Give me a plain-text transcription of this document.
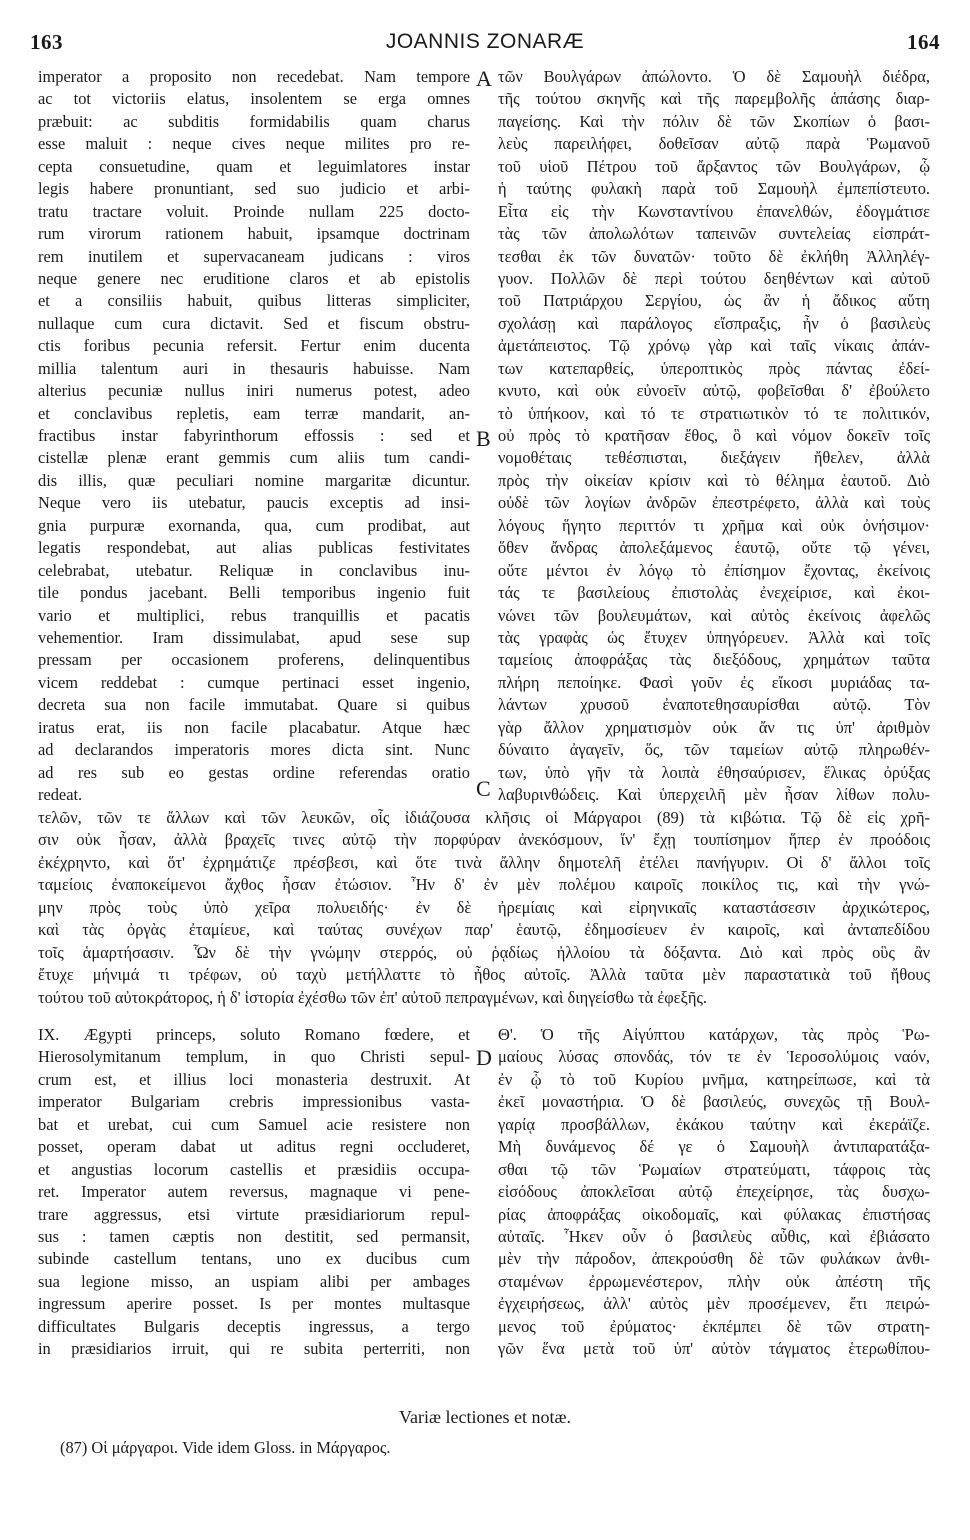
163	JOANNIS ZONARÆ	164
imperator a proposito non recedebat. Nam tempore
ac tot victoriis elatus, insolentem se erga omnes
præbuit: ac subditis formidabilis quam charus
esse maluit : neque cives neque milites pro re-
cepta consuetudine, quam et leguimlatores instar
legis habere pronuntiant, sed suo judicio et arbi-
tratu tractare voluit. Proinde nullam 225 docto-
rum virorum rationem habuit, ipsamque doctrinam
rem inutilem et supervacaneam judicans : viros
neque genere nec eruditione claros et ab epistolis
et a consiliis habuit, quibus litteras simpliciter,
nullaque cum cura dictavit. Sed et fiscum obstru-
ctis foribus pecunia refersit. Fertur enim ducenta
millia talentum auri in thesauris habuisse. Nam
alterius pecuniæ nullus iniri numerus potest, adeo
et conclavibus repletis, eam terræ mandarit, an-
fractibus instar fabyrinthorum effossis : sed et
cistellæ plenæ erant gemmis cum aliis tum candi-
dis illis, quæ peculiari nomine margaritæ dicuntur.
Neque vero iis utebatur, paucis exceptis ad insi-
gnia purpuræ exornanda, qua, cum prodibat, aut
legatis respondebat, aut alias publicas festivitates
celebrabat, utebatur. Reliquæ in conclavibus inu-
tile pondus jacebant. Belli temporibus ingenio fuit
vario et multiplici, rebus tranquillis et pacatis
vehementior. Iram dissimulabat, apud sese sup
pressam per occasionem proferens, delinquentibus
vicem reddebat : cumque pertinaci esset ingenio,
decreta sua non facile immutabat. Quare si quibus
iratus erat, iis non facile placabatur. Atque hæc
ad declarandos imperatoris mores dicta sint. Nunc
ad res sub eo gestas ordine referendas oratio
redeat.
τῶν Βουλγάρων ἀπώλοντο. Ὁ δὲ Σαμουὴλ διέδρα,
τῆς τούτου σκηνῆς καὶ τῆς παρεμβολῆς ἁπάσης διαρ-
παγείσης. Καὶ τὴν πόλιν δὲ τῶν Σκοπίων ὁ βασι-
λεὺς παρειλήφει, δοθεῖσαν αὐτῷ παρὰ Ῥωμανοῦ
τοῦ υἱοῦ Πέτρου τοῦ ἄρξαντος τῶν Βουλγάρων, ᾧ
ἡ ταύτης φυλακὴ παρὰ τοῦ Σαμουὴλ ἐμπεπίστευτο.
Εἶτα εἰς τὴν Κωνσταντίνου ἐπανελθών, ἐδογμάτισε
τὰς τῶν ἀπολωλότων ταπεινῶν συντελείας εἰσπράτ-
τεσθαι ἐκ τῶν δυνατῶν· τοῦτο δὲ ἐκλήθη Ἀλληλέγ-
γυον. Πολλῶν δὲ περὶ τούτου δεηθέντων καὶ αὐτοῦ
τοῦ Πατριάρχου Σεργίου, ὡς ἂν ἡ ἄδικος αὕτη
σχολάσῃ καὶ παράλογος εἴσπραξις, ἦν ὁ βασιλεὺς
ἀμετάπειστος. Τῷ χρόνῳ γὰρ καὶ ταῖς νίκαις ἀπάν-
των κατεπαρθείς, ὑπεροπτικὸς πρὸς πάντας ἐδεί-
κνυτο, καὶ οὐκ εὐνοεῖν αὐτῷ, φοβεῖσθαι δ' ἐβούλετο
τὸ ὑπήκοον, καὶ τό τε στρατιωτικὸν τό τε πολιτικόν,
οὐ πρὸς τὸ κρατῆσαν ἔθος, ὃ καὶ νόμον δοκεῖν τοῖς
νομοθέταις τεθέσπισται, διεξάγειν ἤθελεν, ἀλλὰ
πρὸς τὴν οἰκείαν κρίσιν καὶ τὸ θέλημα ἑαυτοῦ. Διὸ
οὐδὲ τῶν λογίων ἀνδρῶν ἐπεστρέφετο, ἀλλὰ καὶ τοὺς
λόγους ἥγητο περιττόν τι χρῆμα καὶ οὐκ ὀνήσιμον·
ὅθεν ἄνδρας ἀπολεξάμενος ἑαυτῷ, οὔτε τῷ γένει,
οὔτε μέντοι ἐν λόγῳ τὸ ἐπίσημον ἔχοντας, ἐκείνοις
τάς τε βασιλείους ἐπιστολὰς ἐνεχείρισε, καὶ ἐκοι-
νώνει τῶν βουλευμάτων, καὶ αὐτὸς ἐκείνοις ἀφελῶς
τὰς γραφὰς ὡς ἔτυχεν ὑπηγόρευεν. Ἀλλὰ καὶ τοῖς
ταμείοις ἀποφράξας τὰς διεξόδους, χρημάτων ταῦτα
πλήρη πεποίηκε. Φασὶ γοῦν ἐς εἴκοσι μυριάδας τα-
λάντων χρυσοῦ ἐναποτεθησαυρίσθαι αὐτῷ. Τὸν
γὰρ ἄλλον χρηματισμὸν οὐκ ἄν τις ὑπ' ἀριθμὸν
δύναιτο ἀγαγεῖν, ὅς, τῶν ταμείων αὐτῷ πληρωθέν-
των, ὑπὸ γῆν τὰ λοιπὰ ἐθησαύρισεν, ἕλικας ὀρύξας
λαβυρινθώδεις. Καὶ ὑπερχειλῆ μὲν ἦσαν λίθων πολυ-
A
B
C
D
τελῶν, τῶν τε ἄλλων καὶ τῶν λευκῶν, οἷς ἰδιάζουσα κλῆσις οἱ Μάργαροι (89) τὰ κιβώτια. Τῷ δὲ εἰς χρῆ-
σιν οὐκ ἦσαν, ἀλλὰ βραχεῖς τινες αὐτῷ τὴν πορφύραν ἀνεκόσμουν, ἵν' ἔχῃ τουπίσημον ἥπερ ἐν προόδοις
ἐκέχρηντο, καὶ ὅτ' ἐχρημάτιζε πρέσβεσι, καὶ ὅτε τινὰ ἄλλην δημοτελῆ ἐτέλει πανήγυριν. Οἱ δ' ἄλλοι τοῖς
ταμείοις ἐναποκείμενοι ἄχθος ἦσαν ἐτώσιον. Ἦν δ' ἐν μὲν πολέμου καιροῖς ποικίλος τις, καὶ τὴν γνώ-
μην πρὸς τοὺς ὑπὸ χεῖρα πολυειδής· ἐν δὲ ἠρεμίαις καὶ εἰρηνικαῖς καταστάσεσιν ἀρχικώτερος,
καὶ τὰς ὀργὰς ἐταμίευε, καὶ ταύτας συνέχων παρ' ἑαυτῷ, ἐδημοσίευεν ἐν καιροῖς, καὶ ἀνταπεδίδου
τοῖς ἁμαρτήσασιν. Ὧν δὲ τὴν γνώμην στερρός, οὐ ῥᾳδίως ἠλλοίου τὰ δόξαντα. Διὸ καὶ πρὸς οὓς ἂν
ἔτυχε μήνιμά τι τρέφων, οὐ ταχὺ μετήλλαττε τὸ ἦθος αὐτοῖς. Ἀλλὰ ταῦτα μὲν παραστατικὰ τοῦ ἤθους
τούτου τοῦ αὐτοκράτορος, ἡ δ' ἱστορία ἐχέσθω τῶν ἐπ' αὐτοῦ πεπραγμένων, καὶ διηγείσθω τὰ ἐφεξῆς.
IX. Ægypti princeps, soluto Romano fœdere, et
Hierosolymitanum templum, in quo Christi sepul-
crum est, et illius loci monasteria destruxit. At
imperator Bulgariam crebris impressionibus vasta-
bat et urebat, cui cum Samuel acie resistere non
posset, operam dabat ut aditus regni occluderet,
et angustias locorum castellis et præsidiis occupa-
ret. Imperator autem reversus, magnaque vi pene-
trare aggressus, etsi virtute præsidiariorum repul-
sus : tamen cæptis non destitit, sed permansit,
subinde castellum tentans, uno ex ducibus cum
sua legione misso, an uspiam alibi per ambages
ingressum aperire posset. Is per montes multasque
difficultates Bulgaris deceptis ingressus, a tergo
in præsidiarios irruit, qui re subita perterriti, non
Θ'. Ὁ τῆς Αἰγύπτου κατάρχων, τὰς πρὸς Ῥω-
μαίους λύσας σπονδάς, τόν τε ἐν Ἱεροσολύμοις ναόν,
ἐν ᾧ τὸ τοῦ Κυρίου μνῆμα, κατηρείπωσε, καὶ τὰ
ἐκεῖ μοναστήρια. Ὁ δὲ βασιλεύς, συνεχῶς τῇ Βουλ-
γαρίᾳ προσβάλλων, ἐκάκου ταύτην καὶ ἐκεράϊζε.
Μὴ δυνάμενος δέ γε ὁ Σαμουὴλ ἀντιπαρατάξα-
σθαι τῷ τῶν Ῥωμαίων στρατεύματι, τάφροις τὰς
εἰσόδους ἀποκλεῖσαι αὐτῷ ἐπεχείρησε, τὰς δυσχω-
ρίας ἀποφράξας οἰκοδομαῖς, καὶ φύλακας ἐπιστήσας
αὐταῖς. Ἧκεν οὖν ὁ βασιλεὺς αὖθις, καὶ ἐβιάσατο
μὲν τὴν πάροδον, ἀπεκρούσθη δὲ τῶν φυλάκων ἀνθι-
σταμένων ἐρρωμενέστερον, πλὴν οὐκ ἀπέστη τῆς
ἐγχειρήσεως, ἀλλ' αὐτὸς μὲν προσέμενεν, ἔτι πειρώ-
μενος τοῦ ἐρύματος· ἐκπέμπει δὲ τῶν στρατη-
γῶν ἕνα μετὰ τοῦ ὑπ' αὐτὸν τάγματος ἑτερωθίπου-
Variæ lectiones et notæ.
(87) Οἱ μάργαροι. Vide idem Gloss. in Μάργαρος.
